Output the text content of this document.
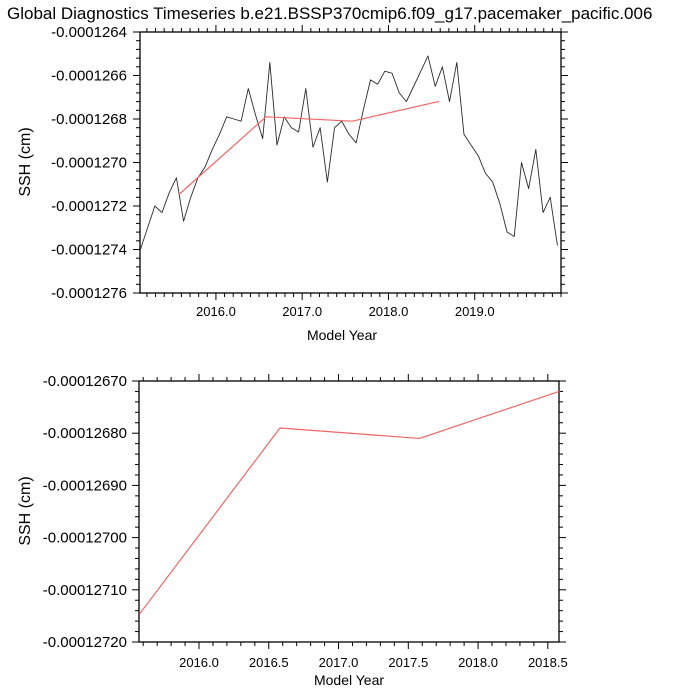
Global Diagnostics Timeseries b.e21.BSSP370cmip6.f09_g17.pacemaker_pacific.006
2016.0	2017.0	2018.0	2019.0
-0.0001264
-0.0001266
-0.0001268
-0.0001270
-0.0001272
-0.0001274
-0.0001276
2016.0 2016.5 2017.0 2017.5 2018.0 2018.5
-0.00012670
-0.00012680
-0.00012690
-0.00012700
-0.00012710
-0.00012720
SSH (cm)
Model Year
SSH (cm)
Model Year
